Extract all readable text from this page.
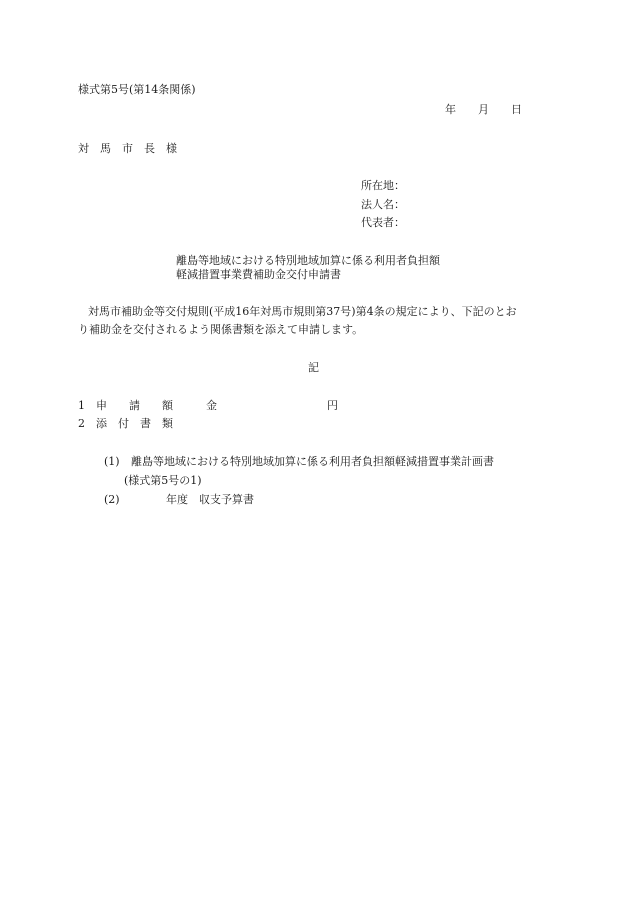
様式第5号(第14条関係)
年　　月　　日
対　馬　市　長　様
所在地：
法人名：
代表者：
離島等地域における特別地域加算に係る利用者負担額
軽減措置事業費補助金交付申請書
対馬市補助金等交付規則(平成16年対馬市規則第37号)第4条の規定により、下記のとお
り補助金を交付されるよう関係書類を添えて申請します。
記
1　申　　請　　額　　　金　　　　　　　　　　円
2　添　付　書　類
(1) 離島等地域における特別地域加算に係る利用者負担額軽減措置事業計画書
(様式第5号の1)
(2)	年度　収支予算書
